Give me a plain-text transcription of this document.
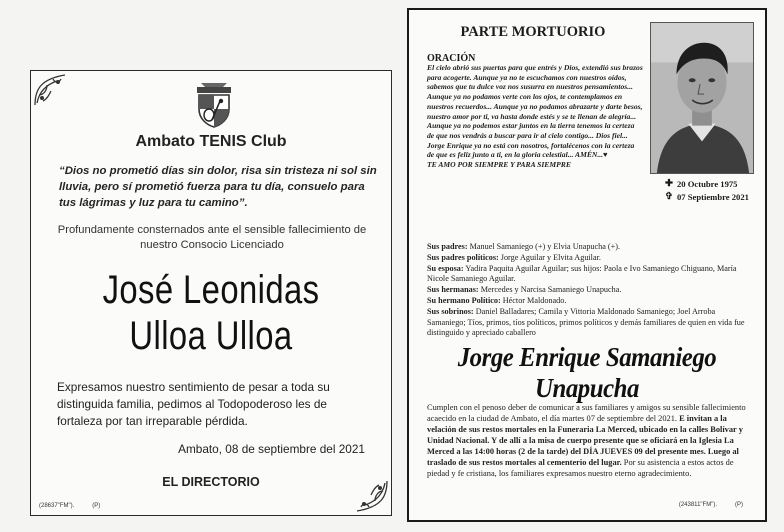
Ambato TENIS Club

“Dios no prometió días sin dolor, risa sin tristeza ni sol sin lluvia, pero sí prometió fuerza para tu día, consuelo para tus lágrimas y luz para tu camino”.

Profundamente consternados ante el sensible fallecimiento de nuestro Consocio Licenciado

José Leonidas
Ulloa Ulloa

Expresamos nuestro sentimiento de pesar a toda su distinguida familia, pedimos al Todopoderoso les de fortaleza por tan irreparable pérdida.

Ambato, 08 de septiembre del 2021

EL DIRECTORIO

(28637"FM").	(P)

PARTE MORTUORIO
ORACIÓN
El cielo abrió sus puertas para que entrés y Dios, extendió sus brazos para acogerte. Aunque ya no te escuchamos con nuestros oídos, sabemos que tu dulce voz nos susurra en nuestros pensamientos... Aunque ya no podamos verte con los ojos, te contemplamos en nuestros recuerdos... Aunque ya no podamos abrazarte y darte besos, nuestro amor por ti, va hasta donde estés y se te llenan de alegría... Aunque ya no podemos estar juntos en la tierra tenemos la certeza de que nos vendrás a buscar para ir al cielo contigo... Dios fiel... Jorge Enrique ya no está con nosotros, fortalécenos con la certeza de que es feliz junto a ti, en la gloria celestial... AMÉN...♥
TE AMO POR SIEMPRE Y PARA SIEMPRE
✚ 20 Octubre 1975
✞ 07 Septiembre 2021

Sus padres: Manuel Samaniego (+) y Elvia Unapucha (+).

Sus padres políticos: Jorge Aguilar y Elvita Aguilar.

Su esposa: Yadira Paquita Aguilar Aguilar; sus hijos: Paola e Ivo Samaniego Chiguano, María Nicole Samaniego Aguilar.

Sus hermanas: Mercedes y Narcisa Samaniego Unapucha.

Su hermano Político: Héctor Maldonado.

Sus sobrinos: Daniel Balladares; Camila y Vittoria Maldonado Samaniego; Joel Arroba Samaniego; Tíos, primos, tíos políticos, primos políticos y demás familiares de quien en vida fue distinguido y apreciado caballero

Jorge Enrique Samaniego Unapucha

Cumplen con el penoso deber de comunicar a sus familiares y amigos su sensible fallecimiento acaecido en la ciudad de Ambato, el día martes 07 de septiembre del 2021. E invitan a la velación de sus restos mortales en la Funeraria La Merced, ubicado en la calles Bolívar y Unidad Nacional. Y de allí a la misa de cuerpo presente que se oficiará en la Iglesia La Merced a las 14:00 horas (2 de la tarde) del DÍA JUEVES 09 del presente mes. Luego al traslado de sus restos mortales al cementerio del lugar. Por su asistencia a estos actos de piedad y fe cristiana, los familiares expresamos nuestro eterno agradecimiento.

(243811"FM").	(P)
